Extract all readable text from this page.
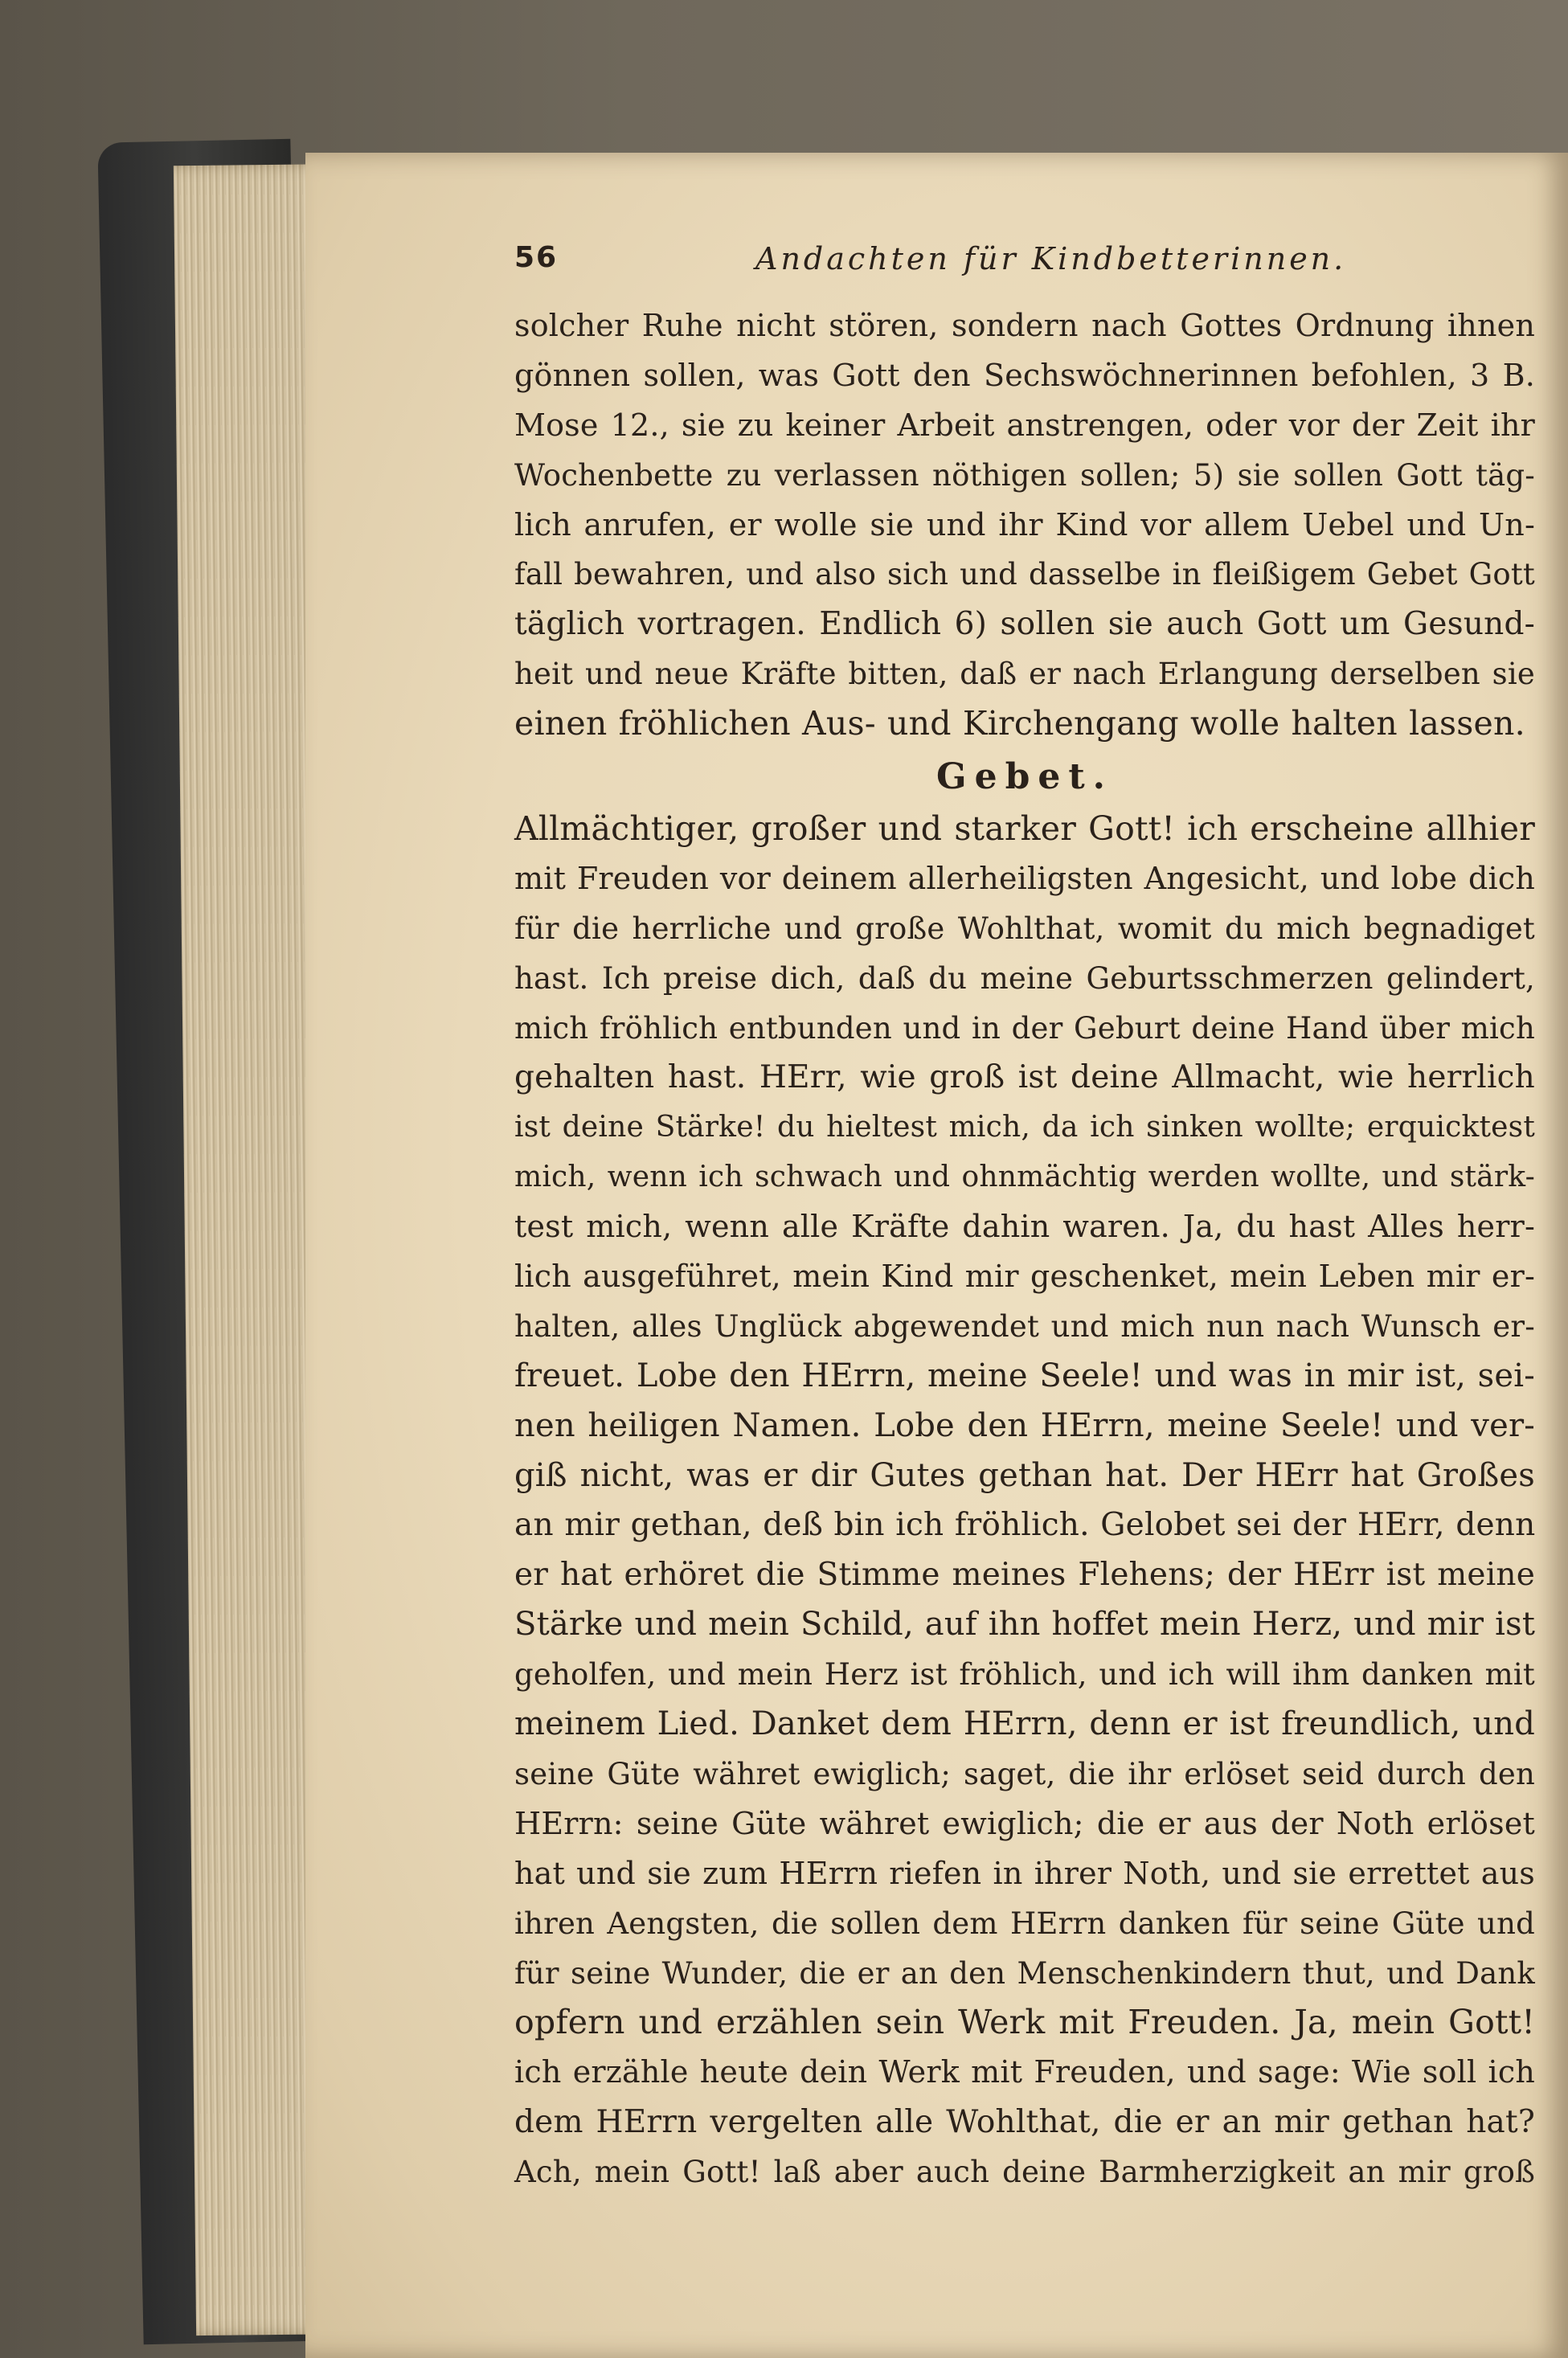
56	Andachten für Kindbetterinnen.
solcher Ruhe nicht stören, sondern nach Gottes Ordnung ihnen
gönnen sollen, was Gott den Sechswöchnerinnen befohlen, 3 B.
Mose 12., sie zu keiner Arbeit anstrengen, oder vor der Zeit ihr
Wochenbette zu verlassen nöthigen sollen; 5) sie sollen Gott täg-
lich anrufen, er wolle sie und ihr Kind vor allem Uebel und Un-
fall bewahren, und also sich und dasselbe in fleißigem Gebet Gott
täglich vortragen. Endlich 6) sollen sie auch Gott um Gesund-
heit und neue Kräfte bitten, daß er nach Erlangung derselben sie
einen fröhlichen Aus- und Kirchengang wolle halten lassen.
Gebet.
Allmächtiger, großer und starker Gott! ich erscheine allhier
mit Freuden vor deinem allerheiligsten Angesicht, und lobe dich
für die herrliche und große Wohlthat, womit du mich begnadiget
hast. Ich preise dich, daß du meine Geburtsschmerzen gelindert,
mich fröhlich entbunden und in der Geburt deine Hand über mich
gehalten hast. HErr, wie groß ist deine Allmacht, wie herrlich
ist deine Stärke! du hieltest mich, da ich sinken wollte; erquicktest
mich, wenn ich schwach und ohnmächtig werden wollte, und stärk-
test mich, wenn alle Kräfte dahin waren. Ja, du hast Alles herr-
lich ausgeführet, mein Kind mir geschenket, mein Leben mir er-
halten, alles Unglück abgewendet und mich nun nach Wunsch er-
freuet. Lobe den HErrn, meine Seele! und was in mir ist, sei-
nen heiligen Namen. Lobe den HErrn, meine Seele! und ver-
giß nicht, was er dir Gutes gethan hat. Der HErr hat Großes
an mir gethan, deß bin ich fröhlich. Gelobet sei der HErr, denn
er hat erhöret die Stimme meines Flehens; der HErr ist meine
Stärke und mein Schild, auf ihn hoffet mein Herz, und mir ist
geholfen, und mein Herz ist fröhlich, und ich will ihm danken mit
meinem Lied. Danket dem HErrn, denn er ist freundlich, und
seine Güte währet ewiglich; saget, die ihr erlöset seid durch den
HErrn: seine Güte währet ewiglich; die er aus der Noth erlöset
hat und sie zum HErrn riefen in ihrer Noth, und sie errettet aus
ihren Aengsten, die sollen dem HErrn danken für seine Güte und
für seine Wunder, die er an den Menschenkindern thut, und Dank
opfern und erzählen sein Werk mit Freuden. Ja, mein Gott!
ich erzähle heute dein Werk mit Freuden, und sage: Wie soll ich
dem HErrn vergelten alle Wohlthat, die er an mir gethan hat?
Ach, mein Gott! laß aber auch deine Barmherzigkeit an mir groß
